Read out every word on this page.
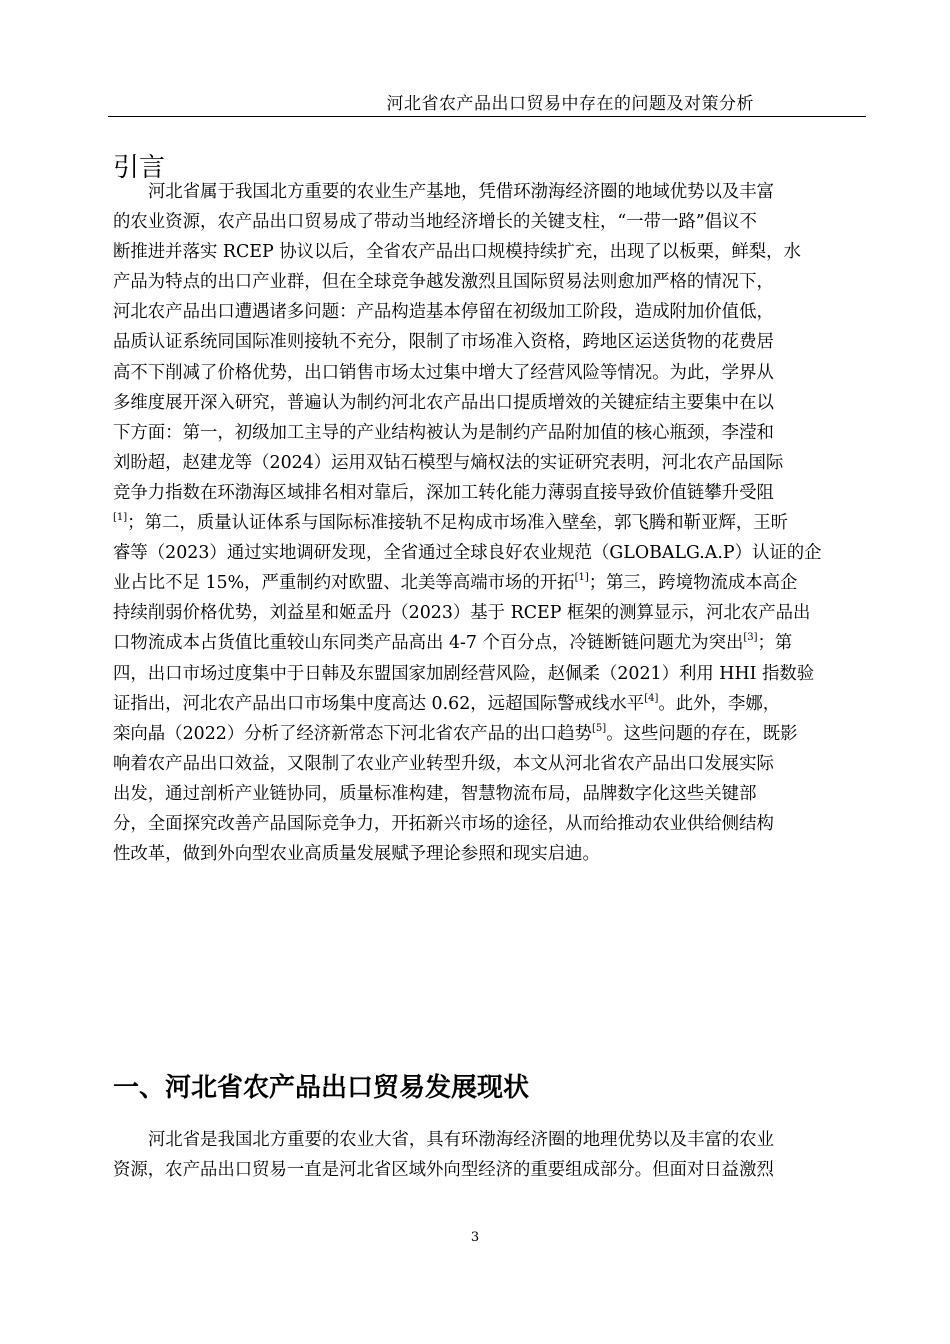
河北省农产品出口贸易中存在的问题及对策分析
引言
河北省属于我国北方重要的农业生产基地，凭借环渤海经济圈的地域优势以及丰富
的农业资源，农产品出口贸易成了带动当地经济增长的关键支柱，“一带一路”倡议不
断推进并落实 RCEP 协议以后，全省农产品出口规模持续扩充，出现了以板栗，鲜梨，水
产品为特点的出口产业群，但在全球竞争越发激烈且国际贸易法则愈加严格的情况下，
河北农产品出口遭遇诸多问题：产品构造基本停留在初级加工阶段，造成附加价值低，
品质认证系统同国际准则接轨不充分，限制了市场准入资格，跨地区运送货物的花费居
高不下削减了价格优势，出口销售市场太过集中增大了经营风险等情况。为此，学界从
多维度展开深入研究，普遍认为制约河北农产品出口提质增效的关键症结主要集中在以
下方面：第一，初级加工主导的产业结构被认为是制约产品附加值的核心瓶颈，李滢和
刘盼超，赵建龙等（2024）运用双钻石模型与熵权法的实证研究表明，河北农产品国际
竞争力指数在环渤海区域排名相对靠后，深加工转化能力薄弱直接导致价值链攀升受阻
[1]；第二，质量认证体系与国际标准接轨不足构成市场准入壁垒，郭飞腾和靳亚辉，王昕
睿等（2023）通过实地调研发现，全省通过全球良好农业规范（GLOBALG.A.P）认证的企
业占比不足 15%，严重制约对欧盟、北美等高端市场的开拓[1]；第三，跨境物流成本高企
持续削弱价格优势，刘益星和姬孟丹（2023）基于 RCEP 框架的测算显示，河北农产品出
口物流成本占货值比重较山东同类产品高出 4-7 个百分点，冷链断链问题尤为突出[3]；第
四，出口市场过度集中于日韩及东盟国家加剧经营风险，赵佩柔（2021）利用 HHI 指数验
证指出，河北农产品出口市场集中度高达 0.62，远超国际警戒线水平[4]。此外，李娜，
栾向晶（2022）分析了经济新常态下河北省农产品的出口趋势[5]。这些问题的存在，既影
响着农产品出口效益，又限制了农业产业转型升级，本文从河北省农产品出口发展实际
出发，通过剖析产业链协同，质量标准构建，智慧物流布局，品牌数字化这些关键部
分，全面探究改善产品国际竞争力，开拓新兴市场的途径，从而给推动农业供给侧结构
性改革，做到外向型农业高质量发展赋予理论参照和现实启迪。
一、河北省农产品出口贸易发展现状
河北省是我国北方重要的农业大省，具有环渤海经济圈的地理优势以及丰富的农业
资源，农产品出口贸易一直是河北省区域外向型经济的重要组成部分。但面对日益激烈
3
